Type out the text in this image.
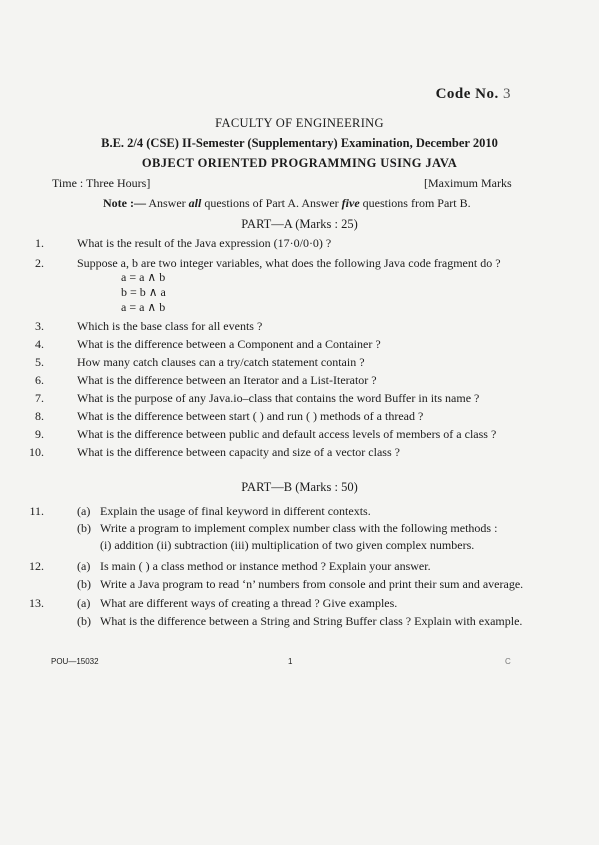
Code No. 3
FACULTY OF ENGINEERING
B.E. 2/4 (CSE) II-Semester (Supplementary) Examination, December 2010
OBJECT ORIENTED PROGRAMMING USING JAVA
Time : Three Hours]	[Maximum Marks
Note :— Answer all questions of Part A. Answer five questions from Part B.
PART—A (Marks : 25)
1.	What is the result of the Java expression (17·0/0·0) ?
2.	Suppose a, b are two integer variables, what does the following Java code fragment do ?
a = a ∧ b
b = b ∧ a
a = a ∧ b
3.	Which is the base class for all events ?
4.	What is the difference between a Component and a Container ?
5.	How many catch clauses can a try/catch statement contain ?
6.	What is the difference between an Iterator and a List-Iterator ?
7.	What is the purpose of any Java.io–class that contains the word Buffer in its name ?
8.	What is the difference between start ( ) and run ( ) methods of a thread ?
9.	What is the difference between public and default access levels of members of a class ?
10.	What is the difference between capacity and size of a vector class ?
PART—B (Marks : 50)
11.	(a) Explain the usage of final keyword in different contexts.
(b) Write a program to implement complex number class with the following methods :
(i) addition (ii) subtraction (iii) multiplication of two given complex numbers.
12.	(a) Is main ( ) a class method or instance method ? Explain your answer.
(b) Write a Java program to read ‘n’ numbers from console and print their sum and average.
13.	(a) What are different ways of creating a thread ? Give examples.
(b) What is the difference between a String and String Buffer class ? Explain with example.
POU—15032	1	C
